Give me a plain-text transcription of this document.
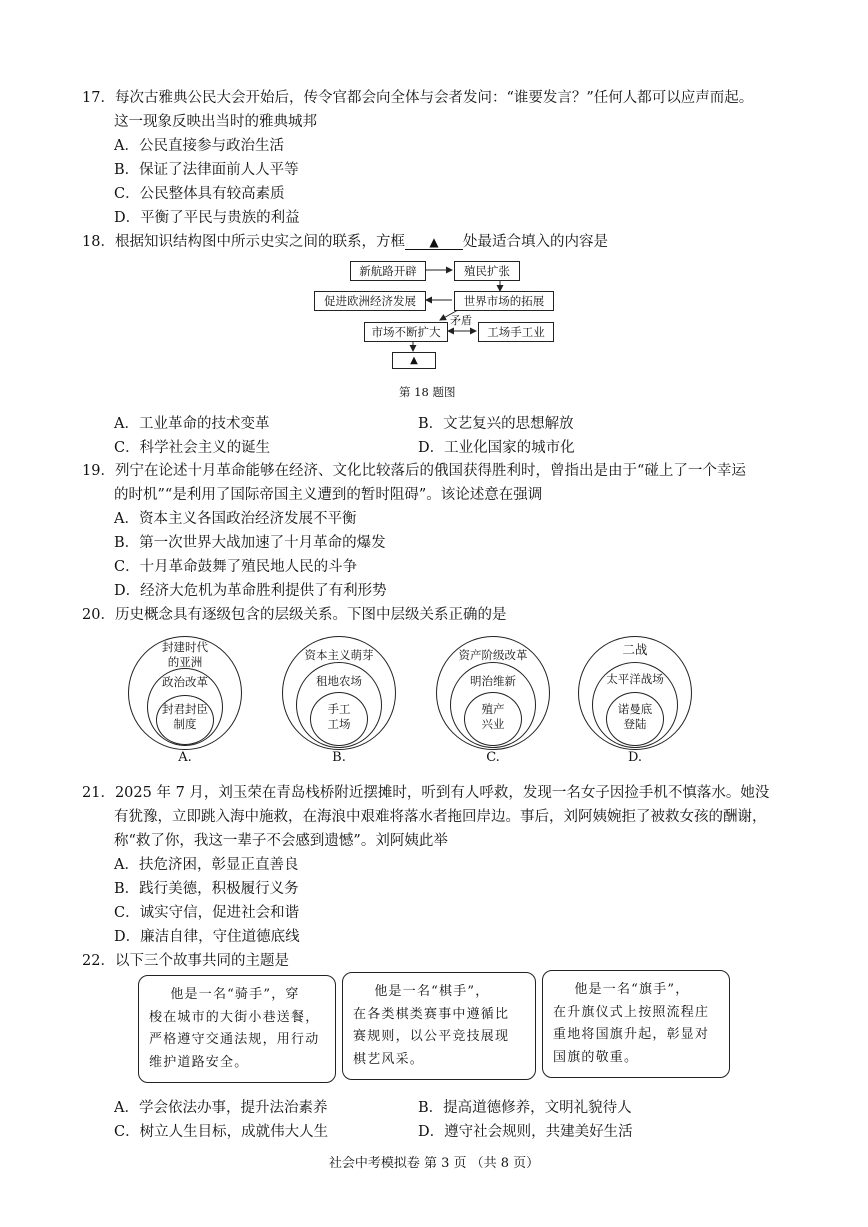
17．每次古雅典公民大会开始后，传令官都会向全体与会者发问：“谁要发言？”任何人都可以应声而起。
这一现象反映出当时的雅典城邦
A．公民直接参与政治生活
B．保证了法律面前人人平等
C．公民整体具有较高素质
D．平衡了平民与贵族的利益
18．根据知识结构图中所示史实之间的联系，方框 ▲ 处最适合填入的内容是
新航路开辟	殖民扩张
促进欧洲经济发展	世界市场的拓展
矛盾
市场不断扩大	工场手工业
▲
第 18 题图
A．工业革命的技术变革	B．文艺复兴的思想解放
C．科学社会主义的诞生	D．工业化国家的城市化
19．列宁在论述十月革命能够在经济、文化比较落后的俄国获得胜利时，曾指出是由于“碰上了一个幸运
的时机”“是利用了国际帝国主义遭到的暂时阻碍”。该论述意在强调
A．资本主义各国政治经济发展不平衡
B．第一次世界大战加速了十月革命的爆发
C．十月革命鼓舞了殖民地人民的斗争
D．经济大危机为革命胜利提供了有利形势
20．历史概念具有逐级包含的层级关系。下图中层级关系正确的是
封建时代
的亚洲
政治改革
封君封臣
制度
A.
资本主义萌芽
租地农场
手工
工场
B.
资产阶级改革
明治维新
殖产
兴业
C.
二战
太平洋战场
诺曼底
登陆
D.
21．2025 年 7 月，刘玉荣在青岛栈桥附近摆摊时，听到有人呼救，发现一名女子因捡手机不慎落水。她没
有犹豫，立即跳入海中施救，在海浪中艰难将落水者拖回岸边。事后，刘阿姨婉拒了被救女孩的酬谢，
称“救了你，我这一辈子不会感到遗憾”。刘阿姨此举
A．扶危济困，彰显正直善良
B．践行美德，积极履行义务
C．诚实守信，促进社会和谐
D．廉洁自律，守住道德底线
22．以下三个故事共同的主题是
他是一名“骑手”，穿
梭在城市的大街小巷送餐，
严格遵守交通法规，用行动
维护道路安全。
他是一名“棋手”，
在各类棋类赛事中遵循比
赛规则，以公平竞技展现
棋艺风采。
他是一名“旗手”，
在升旗仪式上按照流程庄
重地将国旗升起，彰显对
国旗的敬重。
A．学会依法办事，提升法治素养	B．提高道德修养，文明礼貌待人
C．树立人生目标，成就伟大人生	D．遵守社会规则，共建美好生活
社会中考模拟卷 第 3 页 （共 8 页）
